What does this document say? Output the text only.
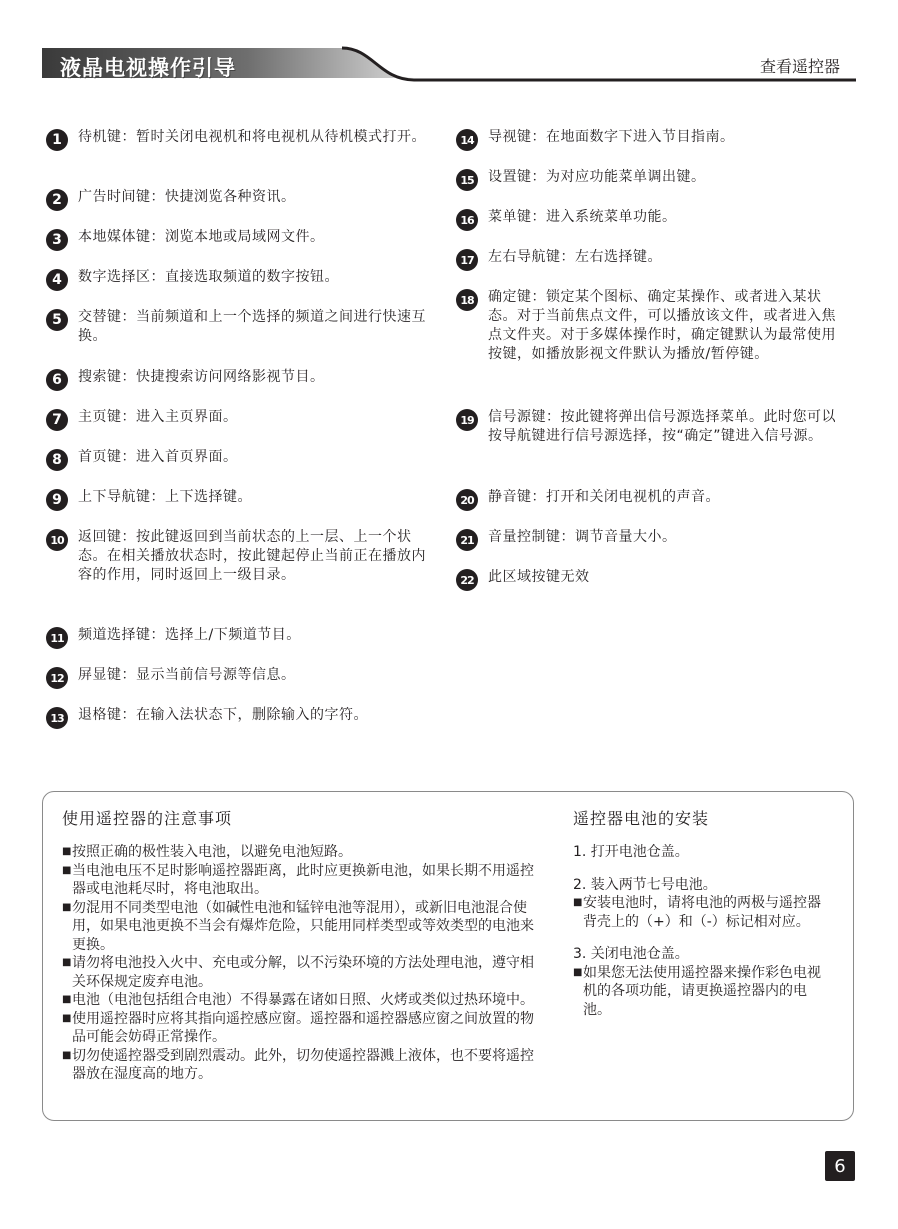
液晶电视操作引导	查看遥控器
1	待机键：暂时关闭电视机和将电视机从待机模式打开。
2	广告时间键：快捷浏览各种资讯。
3	本地媒体键：浏览本地或局域网文件。
4	数字选择区：直接选取频道的数字按钮。
5	交替键：当前频道和上一个选择的频道之间进行快速互换。
6	搜索键：快捷搜索访问网络影视节目。
7	主页键：进入主页界面。
8	首页键：进入首页界面。
9	上下导航键：上下选择键。
10	返回键：按此键返回到当前状态的上一层、上一个状态。在相关播放状态时，按此键起停止当前正在播放内容的作用，同时返回上一级目录。
11	频道选择键：选择上/下频道节目。
12	屏显键：显示当前信号源等信息。
13	退格键：在输入法状态下，删除输入的字符。
14	导视键：在地面数字下进入节目指南。
15	设置键：为对应功能菜单调出键。
16	菜单键：进入系统菜单功能。
17	左右导航键：左右选择键。
18	确定键：锁定某个图标、确定某操作、或者进入某状态。对于当前焦点文件，可以播放该文件，或者进入焦点文件夹。对于多媒体操作时，确定键默认为最常使用按键，如播放影视文件默认为播放/暂停键。
19	信号源键：按此键将弹出信号源选择菜单。此时您可以按导航键进行信号源选择，按“确定”键进入信号源。
20	静音键：打开和关闭电视机的声音。
21	音量控制键：调节音量大小。
22	此区域按键无效
使用遥控器的注意事项
■ 按照正确的极性装入电池，以避免电池短路。
■ 当电池电压不足时影响遥控器距离，此时应更换新电池，如果长期不用遥控器或电池耗尽时，将电池取出。
■ 勿混用不同类型电池（如碱性电池和锰锌电池等混用），或新旧电池混合使用，如果电池更换不当会有爆炸危险，只能用同样类型或等效类型的电池来更换。
■ 请勿将电池投入火中、充电或分解，以不污染环境的方法处理电池，遵守相关环保规定废弃电池。
■ 电池（电池包括组合电池）不得暴露在诸如日照、火烤或类似过热环境中。
■ 使用遥控器时应将其指向遥控感应窗。遥控器和遥控器感应窗之间放置的物品可能会妨碍正常操作。
■ 切勿使遥控器受到剧烈震动。此外，切勿使遥控器溅上液体，也不要将遥控器放在湿度高的地方。
遥控器电池的安装
1. 打开电池仓盖。
2. 装入两节七号电池。
■ 安装电池时，请将电池的两极与遥控器背壳上的（+）和（-）标记相对应。
3. 关闭电池仓盖。
■ 如果您无法使用遥控器来操作彩色电视机的各项功能，请更换遥控器内的电池。
6
